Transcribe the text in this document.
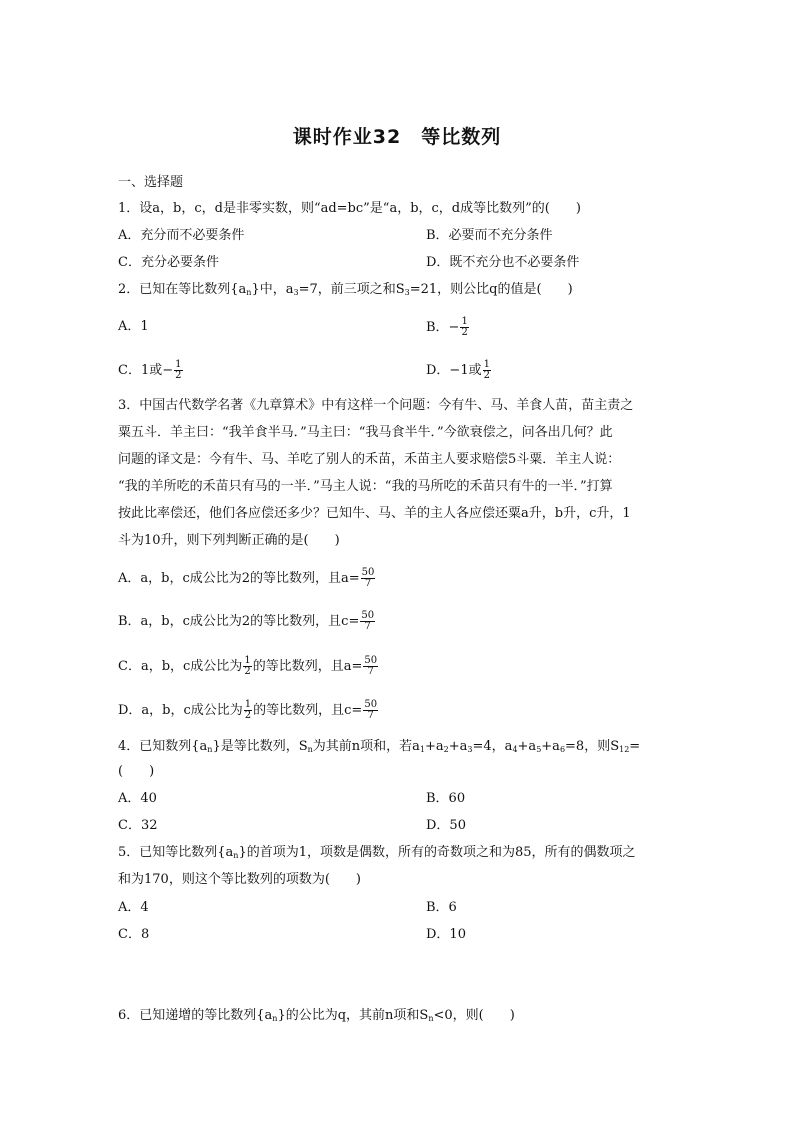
课时作业32　等比数列
一、选择题
1．设a，b，c，d是非零实数，则“ad=bc”是“a，b，c，d成等比数列”的(　　)
A．充分而不必要条件	B．必要而不充分条件
C．充分必要条件	D．既不充分也不必要条件
2．已知在等比数列$\{a_n\}$中，$a_3=7$，前三项之和$S_3=21$，则公比q的值是(　　)
A．1	B．− $\frac{1}{2}$
C．1或− $\frac{1}{2}$	D．−1或 $\frac{1}{2}$
3．中国古代数学名著《九章算术》中有这样一个问题：今有牛、马、羊食人苗，苗主责之
粟五斗．羊主曰：“我羊食半马．”马主曰：“我马食半牛．”今欲衰偿之，问各出几何？此
问题的译文是：今有牛、马、羊吃了别人的禾苗，禾苗主人要求赔偿5斗粟．羊主人说：
“我的羊所吃的禾苗只有马的一半．”马主人说：“我的马所吃的禾苗只有牛的一半．”打算
按此比率偿还，他们各应偿还多少？已知牛、马、羊的主人各应偿还粟a升，b升，c升，1
斗为10升，则下列判断正确的是(　　)
A．a，b，c成公比为2的等比数列，且$a= \frac{50}{7}$
B．a，b，c成公比为2的等比数列，且$c= \frac{50}{7}$
C．a，b，c成公比为 $\frac{1}{2}$ 的等比数列，且$a= \frac{50}{7}$
D．a，b，c成公比为 $\frac{1}{2}$ 的等比数列，且$c= \frac{50}{7}$
4．已知数列$\{a_n\}$是等比数列，$S_n$为其前n项和，若$a_1+a_2+a_3=4$，$a_4+a_5+a_6=8$，则$S_{12}=$
(　　)
A．40	B．60
C．32	D．50
5．已知等比数列$\{a_n\}$的首项为1，项数是偶数，所有的奇数项之和为85，所有的偶数项之
和为170，则这个等比数列的项数为(　　)
A．4	B．6
C．8	D．10
6．已知递增的等比数列$\{a_n\}$的公比为q，其前n项和$S_n<0$，则(　　)
